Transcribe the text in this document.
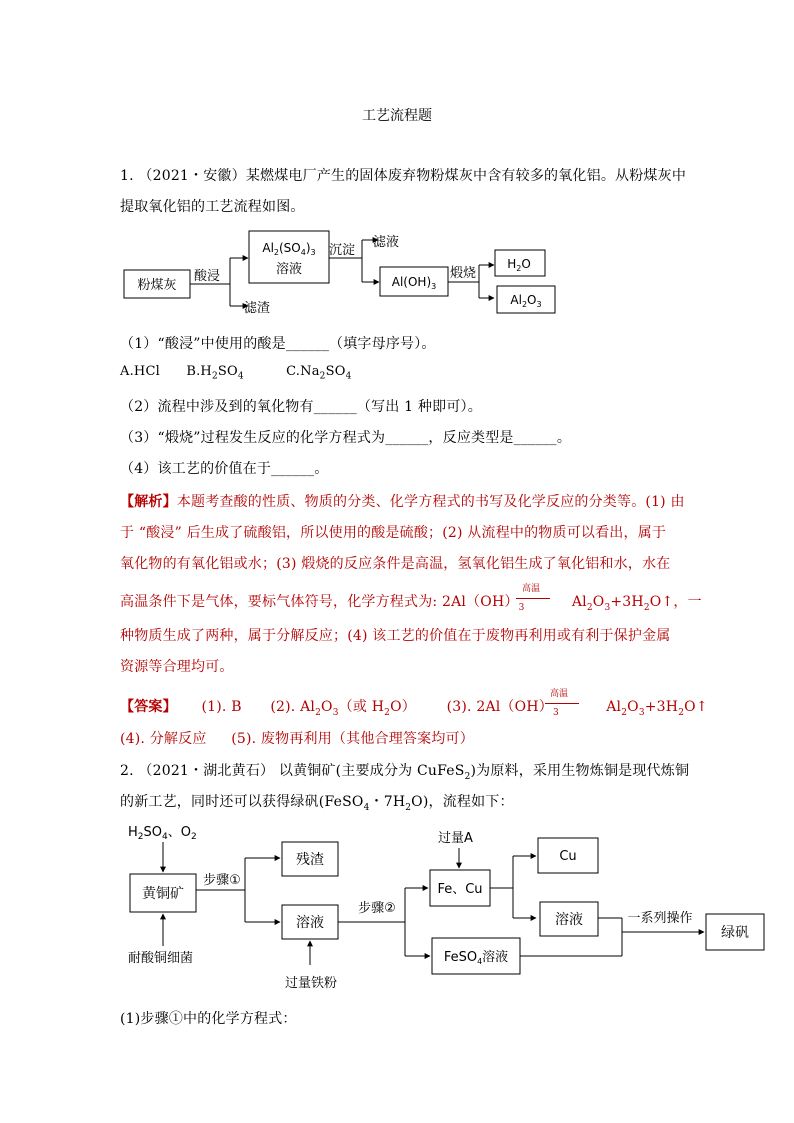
工艺流程题
1. （2021・安徽）某燃煤电厂产生的固体废弃物粉煤灰中含有较多的氧化铝。从粉煤灰中
提取氧化铝的工艺流程如图。
粉煤灰
酸浸
滤渣
$Al_2(SO_4)_3$
溶液
沉淀
滤液
$Al(OH)_3$
煅烧
$H_2O$
$Al_2O_3$
（1）“酸浸”中使用的酸是______（填字母序号）。
A.HCl $B.H_2SO_4$	$C.Na_2SO_4$
（2）流程中涉及到的氧化物有______（写出 1 种即可）。
（3）“煅烧”过程发生反应的化学方程式为______，反应类型是______。
（4）该工艺的价值在于______。
【解析】本题考查酸的性质、物质的分类、化学方程式的书写及化学反应的分类等。(1) 由
于 “酸浸” 后生成了硫酸铝，所以使用的酸是硫酸；(2) 从流程中的物质可以看出，属于
氧化物的有氧化铝或水；(3) 煅烧的反应条件是高温，氢氧化铝生成了氧化铝和水，水在
高温条件下是气体，要标气体符号，化学方程式为: $2Al(OH)_3$	$Al_2O_3+3H_2O↑$，一
高温
种物质生成了两种，属于分解反应；(4) 该工艺的价值在于废物再利用或有利于保护金属
资源等合理均可。
【答案】 (1). B (2). $Al_2O_3$（或 $H_2O$） (3). $2Al(OH)_3$	$Al_2O_3+3H_2O↑$
高温
(4). 分解反应 (5). 废物再利用（其他合理答案均可）
2. （2021・湖北黄石） 以黄铜矿(主要成分为 CuFeS$_2$)为原料，采用生物炼铜是现代炼铜
的新工艺，同时还可以获得绿矾(FeSO$_4$・$7H_2O$)，流程如下：
$H_2SO_4$、$O_2$
黄铜矿
耐酸铜细菌
步骤①
残渣
溶液
过量铁粉
步骤②
过量A
Fe、Cu
Cu
溶液
FeSO$_4$溶液
一系列操作
绿矾
(1)步骤①中的化学方程式：
